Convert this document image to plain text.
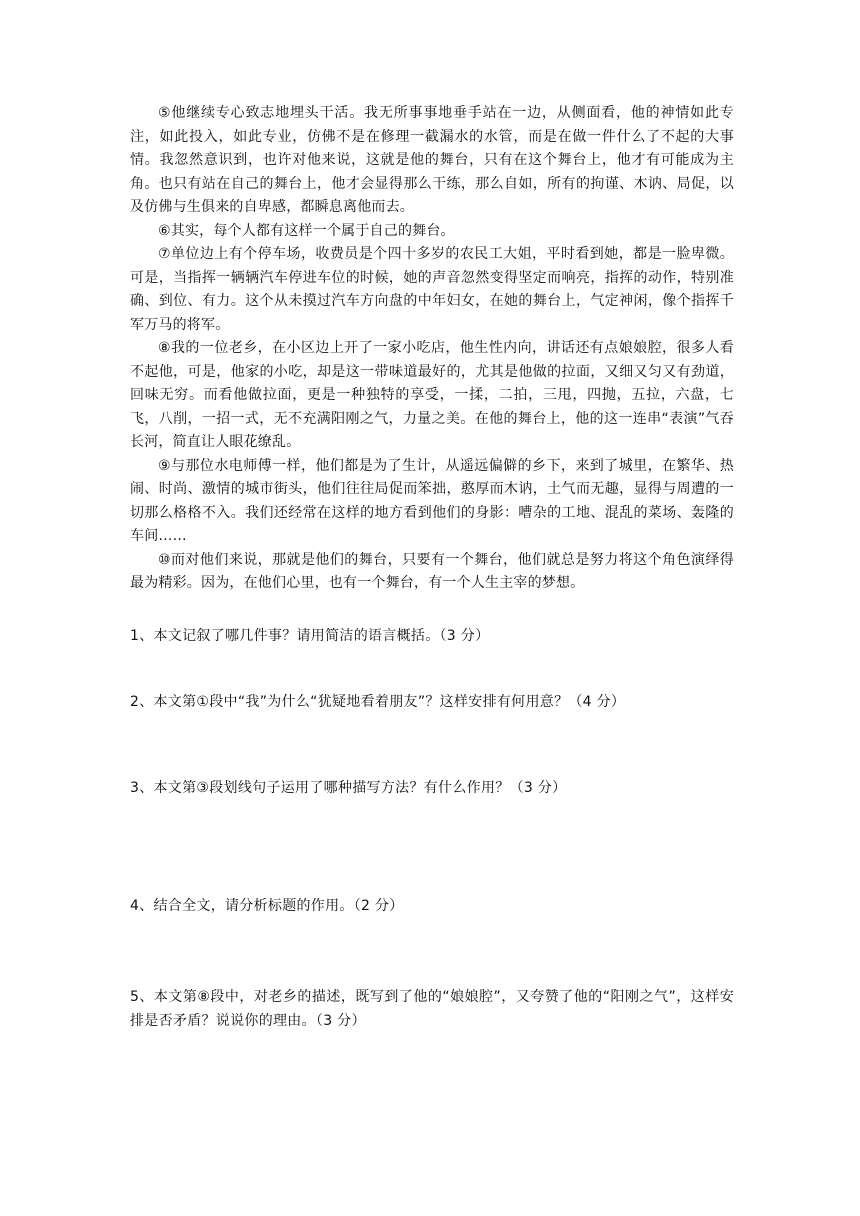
⑤他继续专心致志地埋头干活。我无所事事地垂手站在一边，从侧面看，他的神情如此专注，如此投入，如此专业，仿佛不是在修理一截漏水的水管，而是在做一件什么了不起的大事情。我忽然意识到，也许对他来说，这就是他的舞台，只有在这个舞台上，他才有可能成为主角。也只有站在自己的舞台上，他才会显得那么干练，那么自如，所有的拘谨、木讷、局促，以及仿佛与生俱来的自卑感，都瞬息离他而去。

⑥其实，每个人都有这样一个属于自己的舞台。

⑦单位边上有个停车场，收费员是个四十多岁的农民工大姐，平时看到她，都是一脸卑微。可是，当指挥一辆辆汽车停进车位的时候，她的声音忽然变得坚定而响亮，指挥的动作，特别准确、到位、有力。这个从未摸过汽车方向盘的中年妇女，在她的舞台上，气定神闲，像个指挥千军万马的将军。

⑧我的一位老乡，在小区边上开了一家小吃店，他生性内向，讲话还有点娘娘腔，很多人看不起他，可是，他家的小吃，却是这一带味道最好的，尤其是他做的拉面，又细又匀又有劲道，回味无穷。而看他做拉面，更是一种独特的享受，一揉，二拍，三甩，四抛，五拉，六盘，七飞，八削，一招一式，无不充满阳刚之气，力量之美。在他的舞台上，他的这一连串“表演”气吞长河，简直让人眼花缭乱。

⑨与那位水电师傅一样，他们都是为了生计，从遥远偏僻的乡下，来到了城里，在繁华、热闹、时尚、激情的城市街头，他们往往局促而笨拙，憨厚而木讷，土气而无趣，显得与周遭的一切那么格格不入。我们还经常在这样的地方看到他们的身影：嘈杂的工地、混乱的菜场、轰隆的车间……

⑩而对他们来说，那就是他们的舞台，只要有一个舞台，他们就总是努力将这个角色演绎得最为精彩。因为，在他们心里，也有一个舞台，有一个人生主宰的梦想。

1、本文记叙了哪几件事？请用简洁的语言概括。（3 分）

2、本文第①段中“我”为什么“犹疑地看着朋友”？这样安排有何用意？（4 分）

3、本文第③段划线句子运用了哪种描写方法？有什么作用？（3 分）

4、结合全文，请分析标题的作用。（2 分）

5、本文第⑧段中，对老乡的描述，既写到了他的“娘娘腔”，又夸赞了他的“阳刚之气”，这样安排是否矛盾？说说你的理由。（3 分）
